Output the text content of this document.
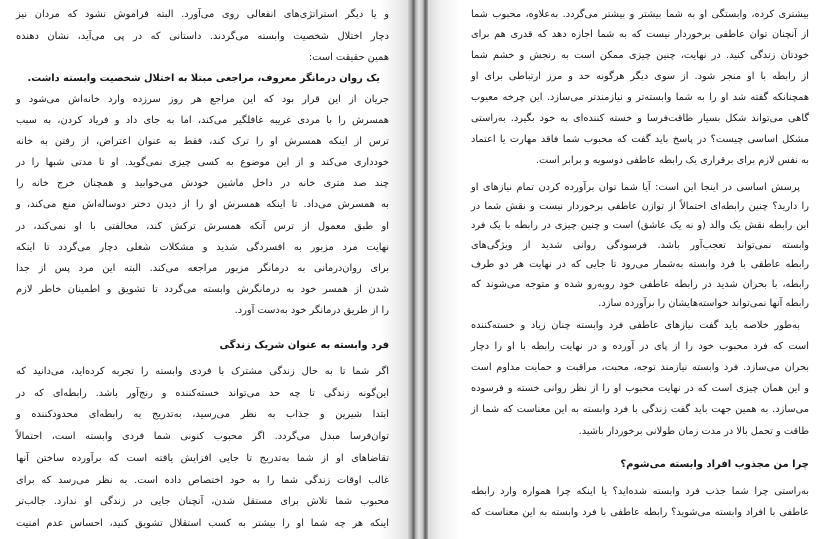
و یا دیگر استراتژی‌های انفعالی روی می‌آورد. البته فراموش نشود که مردان نیز
دچار اختلال شخصیت وابسته می‌گردند. داستانی که در پی می‌آید، نشان دهنده
همین حقیقت است:
یک روان درمانگر معروف، مراجعی مبتلا به اختلال شخصیت وابسته داشت.
جریان از این قرار بود که این مراجع هر روز سرزده وارد خانه‌اش می‌شود و
همسرش را با مردی غریبه غافلگیر می‌کند، اما به جای داد و فریاد کردن، به سبب
ترس از اینکه همسرش او را ترک کند، فقط به عنوان اعتراض، از رفتن به خانه
خودداری می‌کند و از این موضوع به کسی چیزی نمی‌گوید. او تا مدتی شبها را در
چند صد متری خانه در داخل ماشین خودش می‌خوابید و همچنان خرج خانه را
به همسرش می‌داد. تا اینکه همسرش او را از دیدن دختر دوساله‌اش منع می‌کند، و
او طبق معمول از ترس آنکه همسرش ترکش کند، مخالفتی با او نمی‌کند، در
نهایت مرد مزبور به افسردگی شدید و مشکلات شغلی دچار می‌گردد تا اینکه
برای روان‌درمانی به درمانگر مزبور مراجعه می‌کند. البته این مرد پس از جدا
شدن از همسر خود به درمانگرش وابسته می‌گردد تا تشویق و اطمینان خاطر لازم
را از طریق درمانگر خود به‌دست آورد.
فرد وابسته به عنوان شریک زندگی
اگر شما تا به حال زندگی مشترک با فردی وابسته را تجربه کرده‌اید، می‌دانید که
این‌گونه زندگی تا چه حد می‌تواند خسته‌کننده و رنج‌آور باشد. رابطه‌ای که در
ابتدا شیرین و جذاب به نظر می‌رسید، به‌تدریج به رابطه‌ای محدودکننده و
توان‌فرسا مبدل می‌گردد. اگر محبوب کنونی شما فردی وابسته است، احتمالاً
تقاضاهای او از شما به‌تدریج تا جایی افزایش یافته است که برآورده ساختن آنها
غالب اوقات زندگی شما را به خود اختصاص داده است. به نظر می‌رسد که برای
محبوب شما تلاش برای مستقل شدن، آنچنان جایی در زندگی او ندارد. جالب‌تر
اینکه هر چه شما او را بیشتر به کسب استقلال تشویق کنید، احساس عدم امنیت
بیشتری کرده، وابستگی او به شما بیشتر و بیشتر می‌گردد. به‌علاوه، محبوب شما
از آنچنان توان عاطفی برخوردار نیست که به شما اجازه دهد که قدری هم برای
خودتان زندگی کنید. در نهایت، چنین چیزی ممکن است به رنجش و خشم شما
از رابطه با او منجر شود. از سوی دیگر هرگونه حد و مرز ارتباطی برای او
همچنانکه گفته شد او را به شما وابسته‌تر و نیازمندتر می‌سازد. این چرخه معیوب
گاهی می‌تواند شکل بسیار طاقت‌فرسا و خسته کننده‌ای به خود بگیرد. به‌راستی
مشکل اساسی چیست؟ در پاسخ باید گفت که محبوب شما فاقد مهارت یا اعتماد
به نفس لازم برای برقراری یک رابطه عاطفی دوسویه و برابر است.
پرسش اساسی در اینجا این است: آیا شما توان برآورده کردن تمام نیازهای او
را دارید؟ چنین رابطه‌ای احتمالاً از توازن عاطفی برخوردار نیست و نقش شما در
این رابطه نقش یک والد (و نه یک عاشق) است و چنین چیزی در رابطه با یک فرد
وابسته نمی‌تواند تعجب‌آور باشد. فرسودگی روانی شدید از ویژگی‌های
رابطه عاطفی با فرد وابسته به‌شمار می‌رود تا جایی که در نهایت هر دو طرف
رابطه، با بحران شدید در رابطه عاطفی خود روبه‌رو شده و متوجه می‌شوند که
رابطه آنها نمی‌تواند خواسته‌هایشان را برآورده سازد.
به‌طور خلاصه باید گفت نیازهای عاطفی فرد وابسته چنان زیاد و خسته‌کننده
است که فرد محبوب خود را از پای در آورده و در نهایت رابطه با او را دچار
بحران می‌سازد. فرد وابسته نیازمند توجه، محبت، مراقبت و حمایت مداوم است
و این همان چیزی است که در نهایت محبوب او را از نظر روانی خسته و فرسوده
می‌سازد. به همین جهت باید گفت زندگی با فرد وابسته به این معناست که شما از
طاقت و تحمل بالا در مدت زمان طولانی برخوردار باشید.
چرا من مجذوب افراد وابسته می‌شوم؟
به‌راستی چرا شما جذب فرد وابسته شده‌اید؟ یا اینکه چرا همواره وارد رابطه
عاطفی با افراد وابسته می‌شوید؟ رابطه عاطفی با فرد وابسته به این معناست که
